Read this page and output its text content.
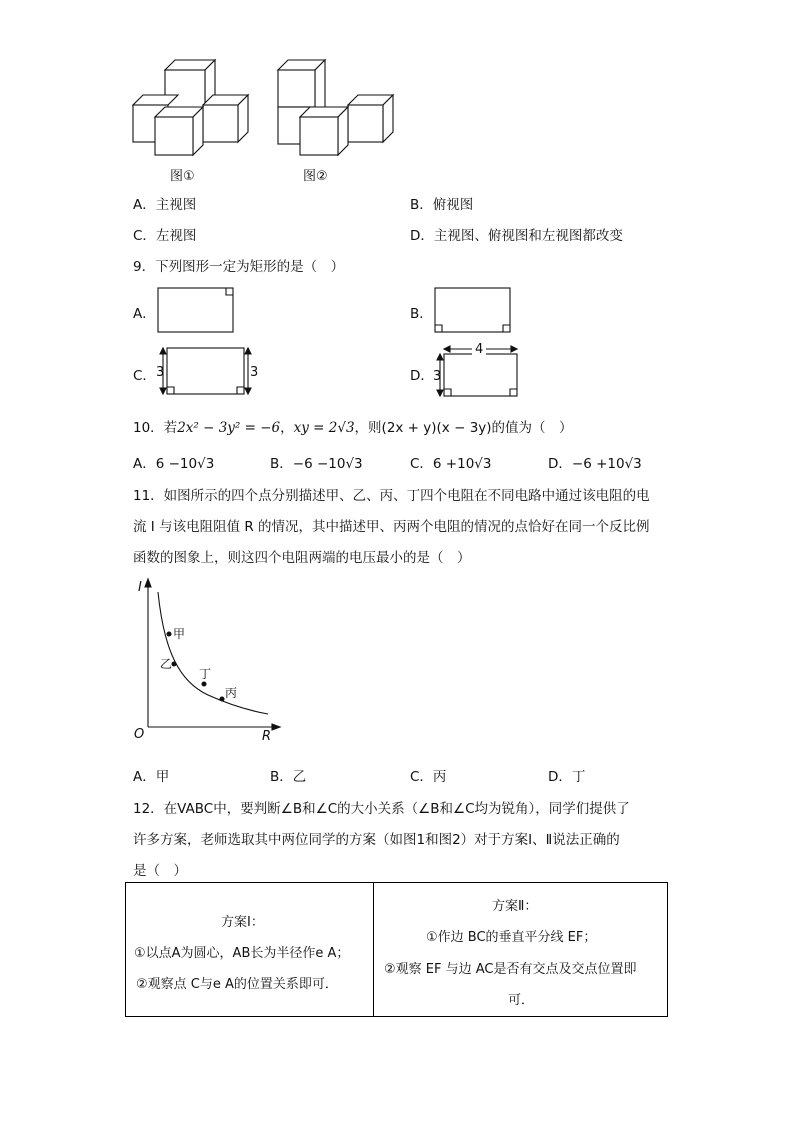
图①	图②
A．主视图	B．俯视图
C．左视图	D．主视图、俯视图和左视图都改变
9．下列图形一定为矩形的是（　）
A．	B．
C． 3	3	D．
4
3
10．若2x² − 3y² = −6，xy = 2√3，则(2x + y)(x − 3y)的值为（　）
A．6 −10√3	B．−6 −10√3	C．6 +10√3	D．−6 +10√3
11．如图所示的四个点分别描述甲、乙、丙、丁四个电阻在不同电路中通过该电阻的电
流 I 与该电阻阻值 R 的情况，其中描述甲、丙两个电阻的情况的点恰好在同一个反比例
函数的图象上，则这四个电阻两端的电压最小的是（　）
I
R
O
甲
乙
丁
丙
A．甲	B．乙	C．丙	D．丁
12．在VABC中，要判断∠B和∠C的大小关系（∠B和∠C均为锐角），同学们提供了
许多方案，老师选取其中两位同学的方案（如图1和图2）对于方案Ⅰ、Ⅱ说法正确的
是（　）
方案Ⅰ：
①以点A为圆心，AB长为半径作e A；
②观察点 C与e A的位置关系即可．
方案Ⅱ：
①作边 BC的垂直平分线 EF；
②观察 EF 与边 AC是否有交点及交点位置即
可．
